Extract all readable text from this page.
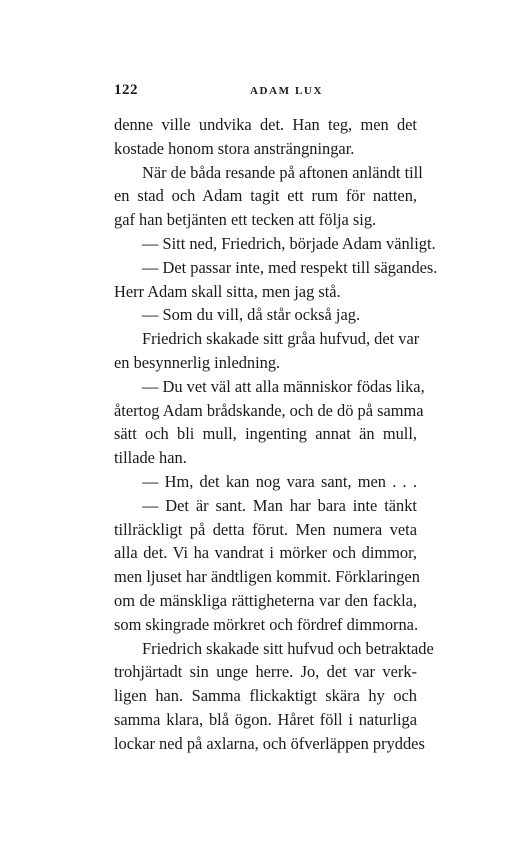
122	ADAM LUX
denne ville undvika det. Han teg, men det
kostade honom stora ansträngningar.
När de båda resande på aftonen anländt till
en stad och Adam tagit ett rum för natten,
gaf han betjänten ett tecken att följa sig.
— Sitt ned, Friedrich, började Adam vänligt.
— Det passar inte, med respekt till sägandes.
Herr Adam skall sitta, men jag stå.
— Som du vill, då står också jag.
Friedrich skakade sitt gråa hufvud, det var
en besynnerlig inledning.
— Du vet väl att alla människor födas lika,
återtog Adam brådskande, och de dö på samma
sätt och bli mull, ingenting annat än mull,
tillade han.
— Hm, det kan nog vara sant, men . . .
— Det är sant. Man har bara inte tänkt
tillräckligt på detta förut. Men numera veta
alla det. Vi ha vandrat i mörker och dimmor,
men ljuset har ändtligen kommit. Förklaringen
om de mänskliga rättigheterna var den fackla,
som skingrade mörkret och fördref dimmorna.
Friedrich skakade sitt hufvud och betraktade
trohjärtadt sin unge herre. Jo, det var verk-
ligen han. Samma flickaktigt skära hy och
samma klara, blå ögon. Håret föll i naturliga
lockar ned på axlarna, och öfverläppen pryddes
